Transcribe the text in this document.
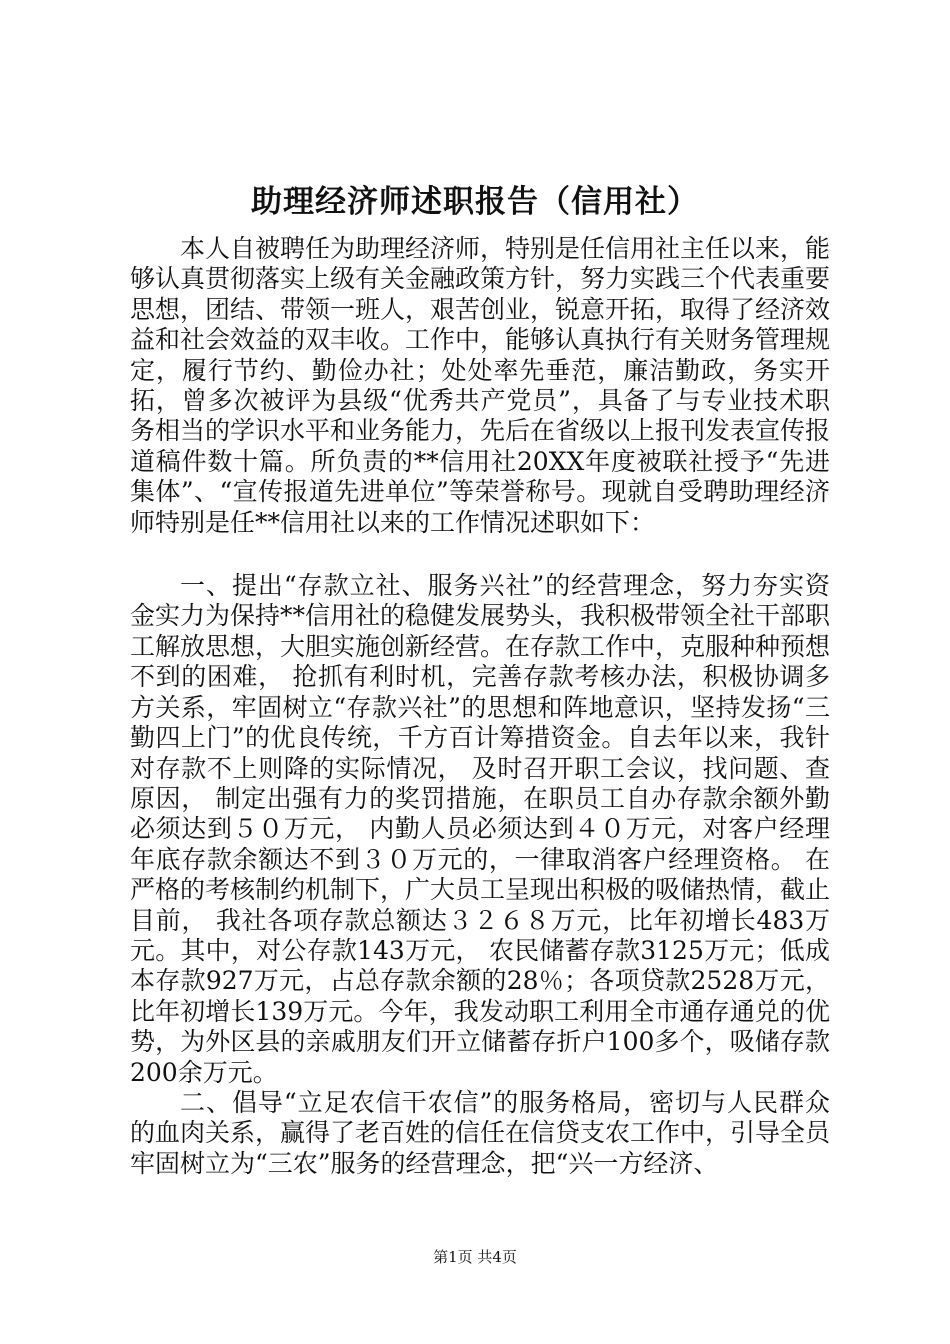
助理经济师述职报告（信用社）

本人自被聘任为助理经济师，特别是任信用社主任以来，能够认真贯彻落实上级有关金融政策方针，努力实践三个代表重要思想，团结、带领一班人，艰苦创业，锐意开拓，取得了经济效益和社会效益的双丰收。工作中，能够认真执行有关财务管理规定，履行节约、勤俭办社；处处率先垂范，廉洁勤政，务实开拓，曾多次被评为县级“优秀共产党员”，具备了与专业技术职务相当的学识水平和业务能力，先后在省级以上报刊发表宣传报道稿件数十篇。所负责的**信用社20XX年度被联社授予“先进集体”、“宣传报道先进单位”等荣誉称号。现就自受聘助理经济师特别是任**信用社以来的工作情况述职如下：

一、提出“存款立社、服务兴社”的经营理念，努力夯实资金实力为保持**信用社的稳健发展势头，我积极带领全社干部职工解放思想，大胆实施创新经营。在存款工作中，克服种种预想不到的困难， 抢抓有利时机，完善存款考核办法，积极协调多方关系，牢固树立“存款兴社”的思想和阵地意识，坚持发扬“三勤四上门”的优良传统，千方百计筹措资金。自去年以来，我针对存款不上则降的实际情况， 及时召开职工会议，找问题、查原因， 制定出强有力的奖罚措施，在职员工自办存款余额外勤必须达到５０万元， 内勤人员必须达到４０万元，对客户经理年底存款余额达不到３０万元的，一律取消客户经理资格。 在严格的考核制约机制下，广大员工呈现出积极的吸储热情，截止目前， 我社各项存款总额达３２６８万元，比年初增长483万元。其中，对公存款143万元， 农民储蓄存款3125万元；低成本存款927万元，占总存款余额的28％；各项贷款2528万元，比年初增长139万元。今年，我发动职工利用全市通存通兑的优势，为外区县的亲戚朋友们开立储蓄存折户100多个，吸储存款200余万元。

二、倡导“立足农信干农信”的服务格局，密切与人民群众的血肉关系，赢得了老百姓的信任在信贷支农工作中，引导全员牢固树立为“三农”服务的经营理念，把“兴一方经济、

第1页 共4页
